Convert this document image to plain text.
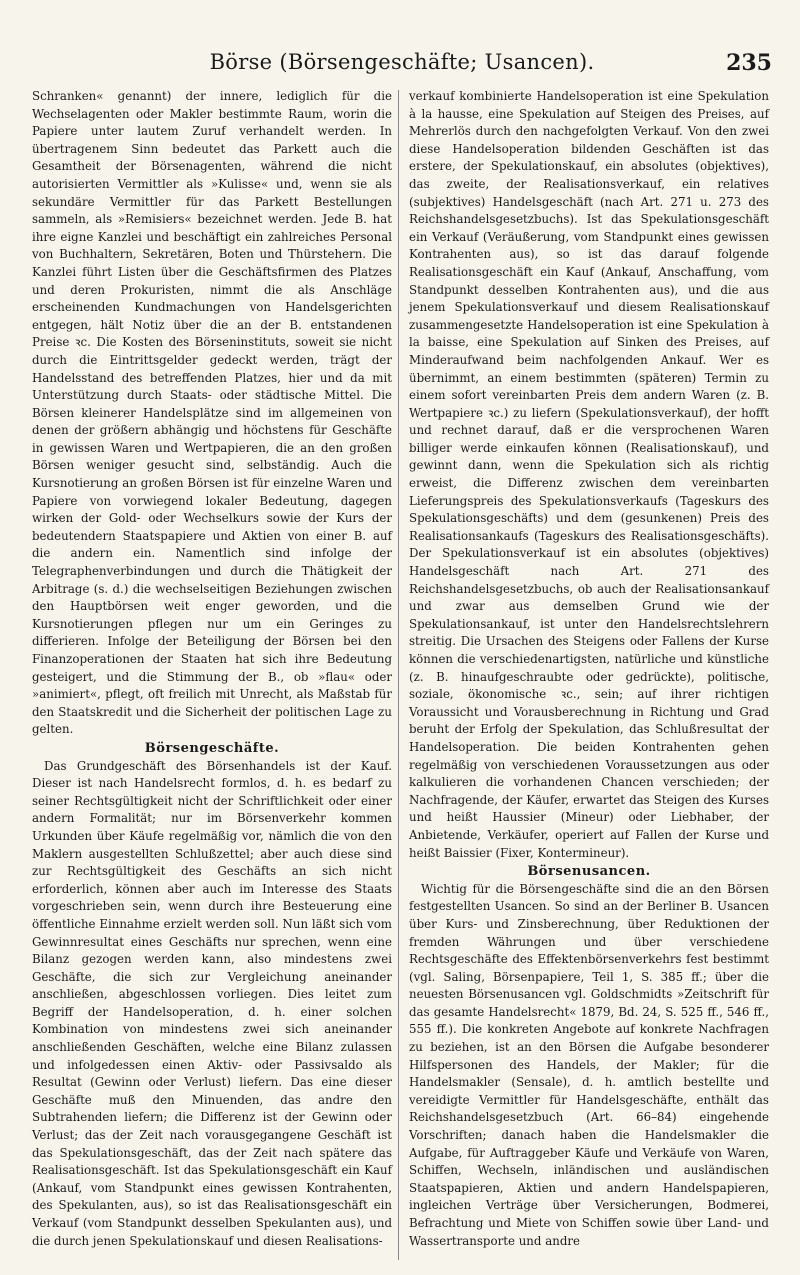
Börse (Börsengeschäfte; Usancen).	235

Schranken« genannt) der innere, lediglich für die Wechselagenten oder Makler bestimmte Raum, worin die Papiere unter lautem Zuruf verhandelt werden. In übertragenem Sinn bedeutet das Parkett auch die Gesamtheit der Börsenagenten, während die nicht autorisierten Vermittler als »Kulisse« und, wenn sie als sekundäre Vermittler für das Parkett Bestellungen sammeln, als »Remisiers« bezeichnet werden. Jede B. hat ihre eigne Kanzlei und beschäftigt ein zahlreiches Personal von Buchhaltern, Sekretären, Boten und Thürstehern. Die Kanzlei führt Listen über die Geschäftsfirmen des Platzes und deren Prokuristen, nimmt die als Anschläge erscheinenden Kundmachungen von Handelsgerichten entgegen, hält Notiz über die an der B. entstandenen Preise ꝛc. Die Kosten des Börseninstituts, soweit sie nicht durch die Eintrittsgelder gedeckt werden, trägt der Handelsstand des betreffenden Platzes, hier und da mit Unterstützung durch Staats- oder städtische Mittel. Die Börsen kleinerer Handelsplätze sind im allgemeinen von denen der größern abhängig und höchstens für Geschäfte in gewissen Waren und Wertpapieren, die an den großen Börsen weniger gesucht sind, selbständig. Auch die Kursnotierung an großen Börsen ist für einzelne Waren und Papiere von vorwiegend lokaler Bedeutung, dagegen wirken der Gold- oder Wechselkurs sowie der Kurs der bedeutendern Staatspapiere und Aktien von einer B. auf die andern ein. Namentlich sind infolge der Telegraphenverbindungen und durch die Thätigkeit der Arbitrage (s. d.) die wechselseitigen Beziehungen zwischen den Hauptbörsen weit enger geworden, und die Kursnotierungen pflegen nur um ein Geringes zu differieren. Infolge der Beteiligung der Börsen bei den Finanzoperationen der Staaten hat sich ihre Bedeutung gesteigert, und die Stimmung der B., ob »flau« oder »animiert«, pflegt, oft freilich mit Unrecht, als Maßstab für den Staatskredit und die Sicherheit der politischen Lage zu gelten.

Börsengeschäfte.

Das Grundgeschäft des Börsenhandels ist der Kauf. Dieser ist nach Handelsrecht formlos, d. h. es bedarf zu seiner Rechtsgültigkeit nicht der Schriftlichkeit oder einer andern Formalität; nur im Börsenverkehr kommen Urkunden über Käufe regelmäßig vor, nämlich die von den Maklern ausgestellten Schlußzettel; aber auch diese sind zur Rechtsgültigkeit des Geschäfts an sich nicht erforderlich, können aber auch im Interesse des Staats vorgeschrieben sein, wenn durch ihre Besteuerung eine öffentliche Einnahme erzielt werden soll. Nun läßt sich vom Gewinnresultat eines Geschäfts nur sprechen, wenn eine Bilanz gezogen werden kann, also mindestens zwei Geschäfte, die sich zur Vergleichung aneinander anschließen, abgeschlossen vorliegen. Dies leitet zum Begriff der Handelsoperation, d. h. einer solchen Kombination von mindestens zwei sich aneinander anschließenden Geschäften, welche eine Bilanz zulassen und infolgedessen einen Aktiv- oder Passivsaldo als Resultat (Gewinn oder Verlust) liefern. Das eine dieser Geschäfte muß den Minuenden, das andre den Subtrahenden liefern; die Differenz ist der Gewinn oder Verlust; das der Zeit nach vorausgegangene Geschäft ist das Spekulationsgeschäft, das der Zeit nach spätere das Realisationsgeschäft. Ist das Spekulationsgeschäft ein Kauf (Ankauf, vom Standpunkt eines gewissen Kontrahenten, des Spekulanten, aus), so ist das Realisationsgeschäft ein Verkauf (vom Standpunkt desselben Spekulanten aus), und die durch jenen Spekulationskauf und diesen Realisations-

verkauf kombinierte Handelsoperation ist eine Spekulation à la hausse, eine Spekulation auf Steigen des Preises, auf Mehrerlös durch den nachgefolgten Verkauf. Von den zwei diese Handelsoperation bildenden Geschäften ist das erstere, der Spekulationskauf, ein absolutes (objektives), das zweite, der Realisationsverkauf, ein relatives (subjektives) Handelsgeschäft (nach Art. 271 u. 273 des Reichshandelsgesetzbuchs). Ist das Spekulationsgeschäft ein Verkauf (Veräußerung, vom Standpunkt eines gewissen Kontrahenten aus), so ist das darauf folgende Realisationsgeschäft ein Kauf (Ankauf, Anschaffung, vom Standpunkt desselben Kontrahenten aus), und die aus jenem Spekulationsverkauf und diesem Realisationskauf zusammengesetzte Handelsoperation ist eine Spekulation à la baisse, eine Spekulation auf Sinken des Preises, auf Minderaufwand beim nachfolgenden Ankauf. Wer es übernimmt, an einem bestimmten (späteren) Termin zu einem sofort vereinbarten Preis dem andern Waren (z. B. Wertpapiere ꝛc.) zu liefern (Spekulationsverkauf), der hofft und rechnet darauf, daß er die versprochenen Waren billiger werde einkaufen können (Realisationskauf), und gewinnt dann, wenn die Spekulation sich als richtig erweist, die Differenz zwischen dem vereinbarten Lieferungspreis des Spekulationsverkaufs (Tageskurs des Spekulationsgeschäfts) und dem (gesunkenen) Preis des Realisationsankaufs (Tageskurs des Realisationsgeschäfts). Der Spekulationsverkauf ist ein absolutes (objektives) Handelsgeschäft nach Art. 271 des Reichshandelsgesetzbuchs, ob auch der Realisationsankauf und zwar aus demselben Grund wie der Spekulationsankauf, ist unter den Handelsrechtslehrern streitig. Die Ursachen des Steigens oder Fallens der Kurse können die verschiedenartigsten, natürliche und künstliche (z. B. hinaufgeschraubte oder gedrückte), politische, soziale, ökonomische ꝛc., sein; auf ihrer richtigen Voraussicht und Vorausberechnung in Richtung und Grad beruht der Erfolg der Spekulation, das Schlußresultat der Handelsoperation. Die beiden Kontrahenten gehen regelmäßig von verschiedenen Voraussetzungen aus oder kalkulieren die vorhandenen Chancen verschieden; der Nachfragende, der Käufer, erwartet das Steigen des Kurses und heißt Haussier (Mineur) oder Liebhaber, der Anbietende, Verkäufer, operiert auf Fallen der Kurse und heißt Baissier (Fixer, Kontermineur).

Börsenusancen.

Wichtig für die Börsengeschäfte sind die an den Börsen festgestellten Usancen. So sind an der Berliner B. Usancen über Kurs- und Zinsberechnung, über Reduktionen der fremden Währungen und über verschiedene Rechtsgeschäfte des Effektenbörsenverkehrs fest bestimmt (vgl. Saling, Börsenpapiere, Teil 1, S. 385 ff.; über die neuesten Börsenusancen vgl. Goldschmidts »Zeitschrift für das gesamte Handelsrecht« 1879, Bd. 24, S. 525 ff., 546 ff., 555 ff.). Die konkreten Angebote auf konkrete Nachfragen zu beziehen, ist an den Börsen die Aufgabe besonderer Hilfspersonen des Handels, der Makler; für die Handelsmakler (Sensale), d. h. amtlich bestellte und vereidigte Vermittler für Handelsgeschäfte, enthält das Reichshandelsgesetzbuch (Art. 66–84) eingehende Vorschriften; danach haben die Handelsmakler die Aufgabe, für Auftraggeber Käufe und Verkäufe von Waren, Schiffen, Wechseln, inländischen und ausländischen Staatspapieren, Aktien und andern Handelspapieren, ingleichen Verträge über Versicherungen, Bodmerei, Befrachtung und Miete von Schiffen sowie über Land- und Wassertransporte und andre
